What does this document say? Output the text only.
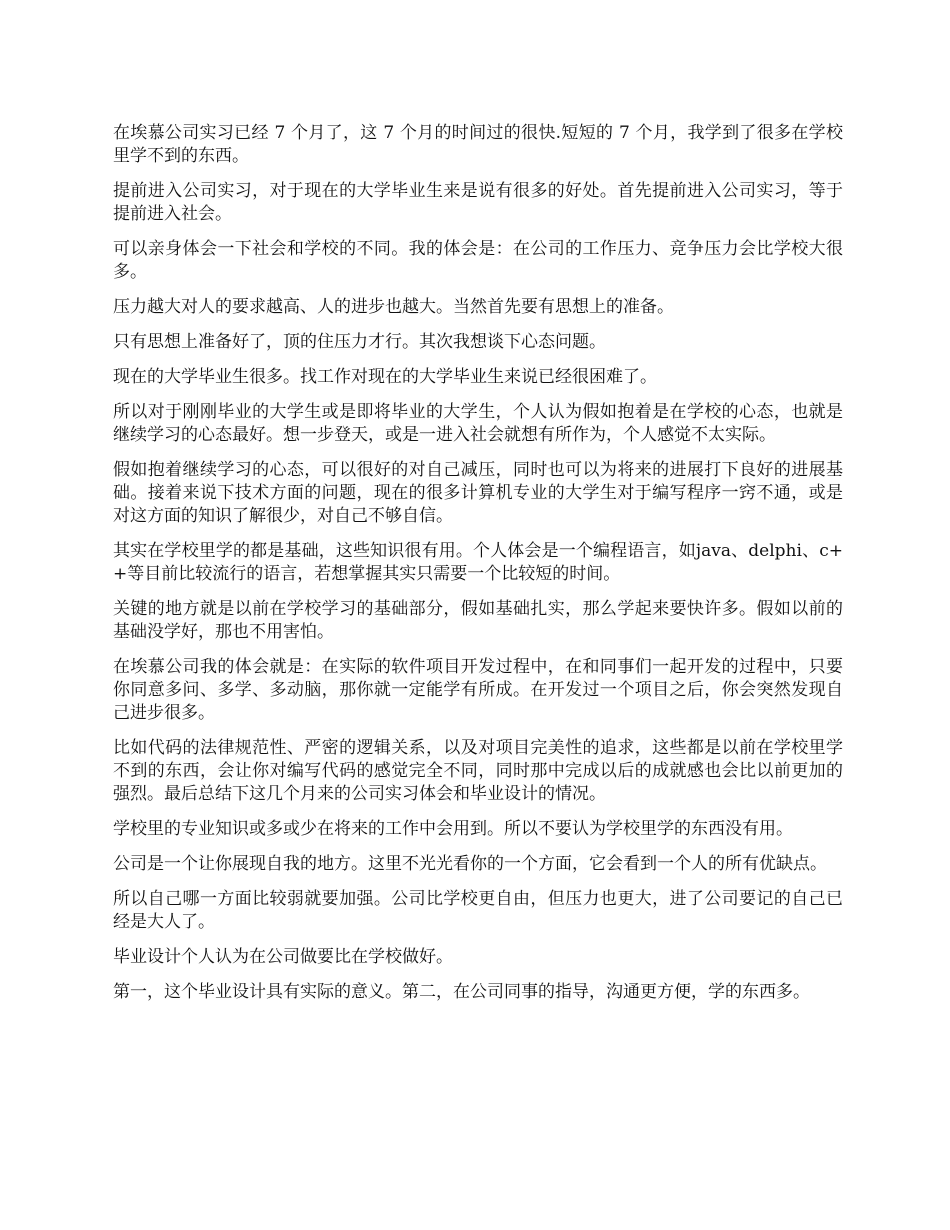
在埃慕公司实习已经 7 个月了，这 7 个月的时间过的很快.短短的 7 个月，我学到了很多在学校里学不到的东西。

提前进入公司实习，对于现在的大学毕业生来是说有很多的好处。首先提前进入公司实习，等于提前进入社会。

可以亲身体会一下社会和学校的不同。我的体会是：在公司的工作压力、竞争压力会比学校大很多。

压力越大对人的要求越高、人的进步也越大。当然首先要有思想上的准备。

只有思想上准备好了，顶的住压力才行。其次我想谈下心态问题。

现在的大学毕业生很多。找工作对现在的大学毕业生来说已经很困难了。

所以对于刚刚毕业的大学生或是即将毕业的大学生，个人认为假如抱着是在学校的心态，也就是继续学习的心态最好。想一步登天，或是一进入社会就想有所作为，个人感觉不太实际。

假如抱着继续学习的心态，可以很好的对自己减压，同时也可以为将来的进展打下良好的进展基础。接着来说下技术方面的问题，现在的很多计算机专业的大学生对于编写程序一窍不通，或是对这方面的知识了解很少，对自己不够自信。

其实在学校里学的都是基础，这些知识很有用。个人体会是一个编程语言，如java、delphi、c++等目前比较流行的语言，若想掌握其实只需要一个比较短的时间。

关键的地方就是以前在学校学习的基础部分，假如基础扎实，那么学起来要快许多。假如以前的基础没学好，那也不用害怕。

在埃慕公司我的体会就是：在实际的软件项目开发过程中，在和同事们一起开发的过程中，只要你同意多问、多学、多动脑，那你就一定能学有所成。在开发过一个项目之后，你会突然发现自己进步很多。

比如代码的法律规范性、严密的逻辑关系，以及对项目完美性的追求，这些都是以前在学校里学不到的东西，会让你对编写代码的感觉完全不同，同时那中完成以后的成就感也会比以前更加的强烈。最后总结下这几个月来的公司实习体会和毕业设计的情况。

学校里的专业知识或多或少在将来的工作中会用到。所以不要认为学校里学的东西没有用。

公司是一个让你展现自我的地方。这里不光光看你的一个方面，它会看到一个人的所有优缺点。

所以自己哪一方面比较弱就要加强。公司比学校更自由，但压力也更大，进了公司要记的自己已经是大人了。

毕业设计个人认为在公司做要比在学校做好。

第一，这个毕业设计具有实际的意义。第二，在公司同事的指导，沟通更方便，学的东西多。
